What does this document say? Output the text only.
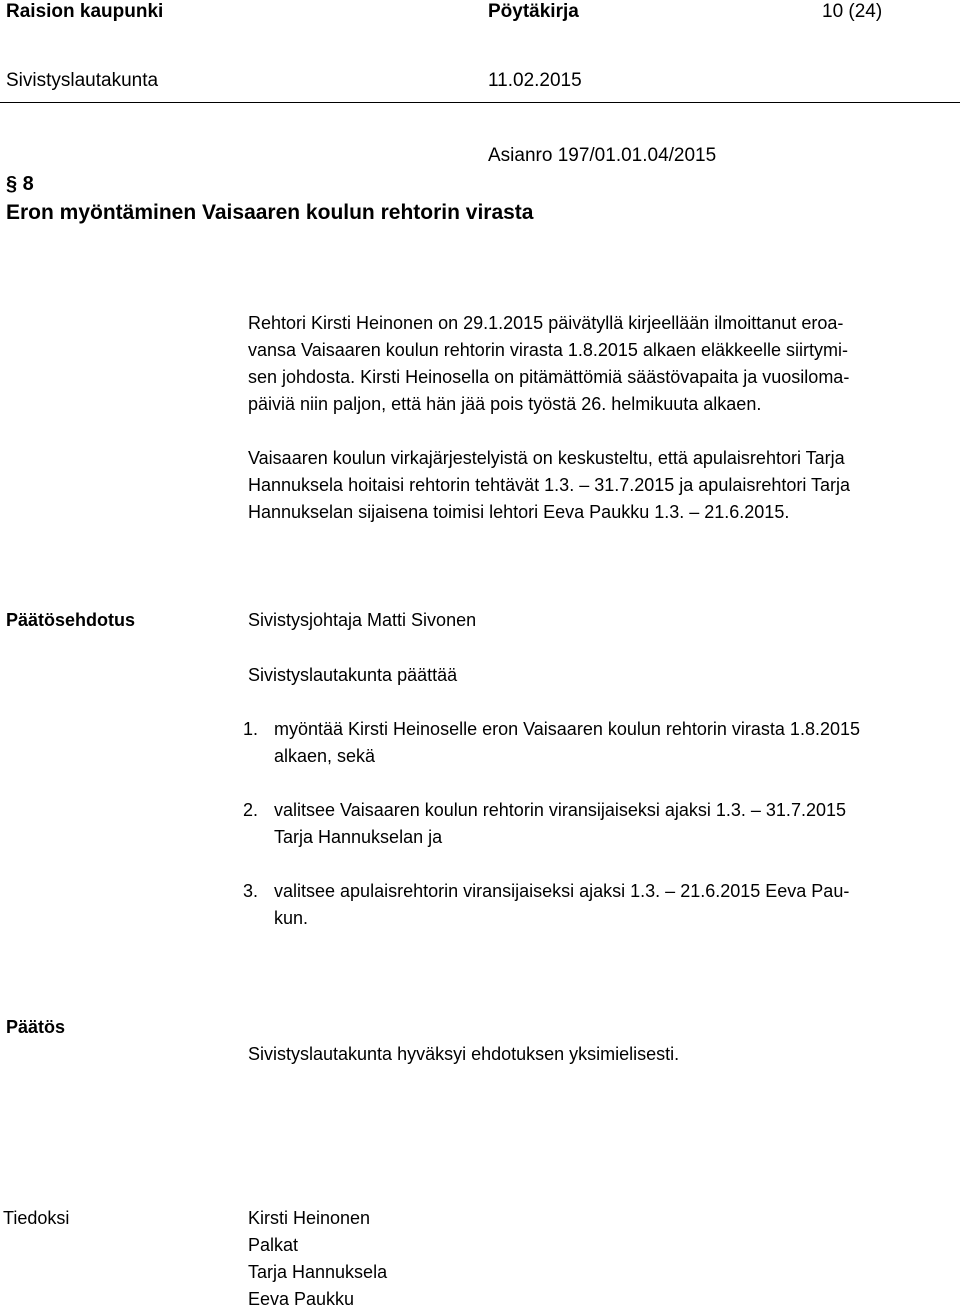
Raision kaupunki	Pöytäkirja	10 (24)
Sivistyslautakunta	11.02.2015
Asianro 197/01.01.04/2015
§ 8
Eron myöntäminen Vaisaaren koulun rehtorin virasta
Rehtori Kirsti Heinonen on 29.1.2015 päivätyllä kirjeellään ilmoittanut eroa-
vansa Vaisaaren koulun rehtorin virasta 1.8.2015 alkaen eläkkeelle siirtymi-
sen johdosta. Kirsti Heinosella on pitämättömiä säästövapaita ja vuosiloma-
päiviä niin paljon, että hän jää pois työstä 26. helmikuuta alkaen.
Vaisaaren koulun virkajärjestelyistä on keskusteltu, että apulaisrehtori Tarja
Hannuksela hoitaisi rehtorin tehtävät 1.3. – 31.7.2015 ja apulaisrehtori Tarja
Hannukselan sijaisena toimisi lehtori Eeva Paukku 1.3. – 21.6.2015.
Päätösehdotus	Sivistysjohtaja Matti Sivonen
Sivistyslautakunta päättää
1. myöntää Kirsti Heinoselle eron Vaisaaren koulun rehtorin virasta 1.8.2015
alkaen, sekä
2. valitsee Vaisaaren koulun rehtorin viransijaiseksi ajaksi 1.3. – 31.7.2015
Tarja Hannukselan ja
3. valitsee apulaisrehtorin viransijaiseksi ajaksi 1.3. – 21.6.2015 Eeva Pau-
kun.
Päätös
Sivistyslautakunta hyväksyi ehdotuksen yksimielisesti.
Tiedoksi	Kirsti Heinonen
Palkat
Tarja Hannuksela
Eeva Paukku
